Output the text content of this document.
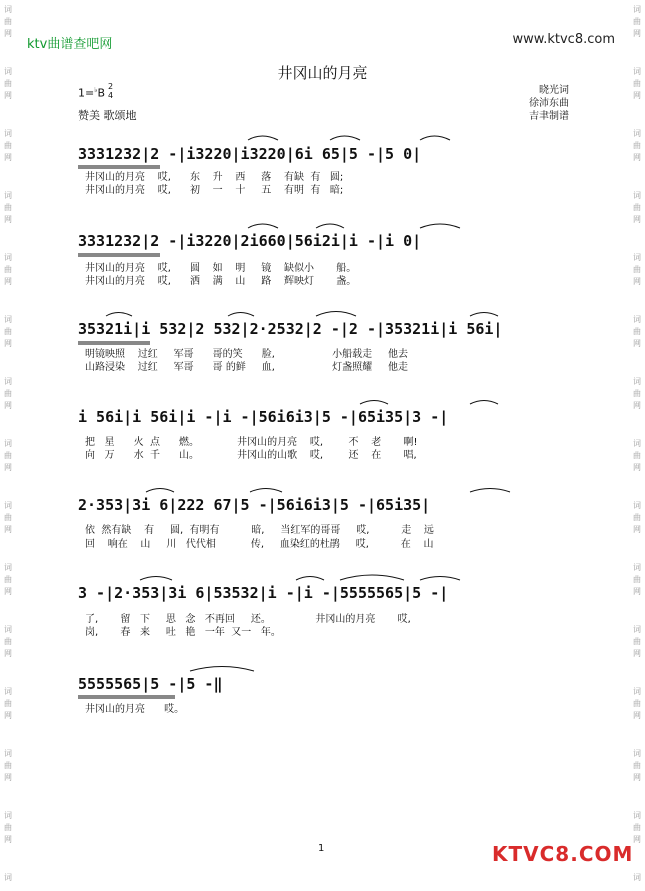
词
曲
网
词
曲
网
词
曲
网
词
曲
网
词
曲
网
词
曲
网
词
曲
网
词
曲
网
词
曲
网
词
曲
网
词
曲
网
词
曲
网
词
曲
网
词
曲
网
词
词
曲
网
词
曲
网
词
曲
网
词
曲
网
词
曲
网
词
曲
网
词
曲
网
词
曲
网
词
曲
网
词
曲
网
词
曲
网
词
曲
网
词
曲
网
词
曲
网
词
ktv曲谱查吧网	www.ktvc8.com
井冈山的月亮
1=♭B
2
4
赞美 歌颂地
晓光词
徐沛东曲
吉聿制谱
3331232|2 -|i3220|i3220|6i 65|5 -|5 0|
井冈山的月亮    哎,      东    升    西     落    有缺  有   圆;
井冈山的月亮    哎,      初    一    十     五    有明  有   暗;
3331232|2 -|i3220|2i660|56i2i|i -|i 0|
井冈山的月亮    哎,      圆    如    明     镜    缺似小       船。
井冈山的月亮    哎,      洒    满    山     路    辉映灯       盏。
35321i|i 532|2 532|2·2532|2 -|2 -|35321i|i 56i|
明镜映照    过红     军哥      哥的笑      脸,                  小船载走     他去
山路浸染    过红     军哥      哥 的鲜     血,                  灯盏照耀     他走
i 56i|i 56i|i -|i -|56i6i3|5 -|65i35|3 -|
把   星      火  点      燃。            井冈山的月亮    哎,        不    老       啊!
向   万      水  千      山。            井冈山的山歌    哎,        还    在       唱,
2·353|3i 6|222 67|5 -|56i6i3|5 -|65i35|
依  然有缺    有     圆,  有明有          暗,     当红军的哥哥     哎,          走    远
回    响在    山     川   代代相           传,     血染红的杜鹃     哎,          在    山
3 -|2·353|3i 6|53532|i -|i -|5555565|5 -|
了,       留   下     思   念   不再回     还。              井冈山的月亮       哎,
岗,       春   来     吐   艳   一年  又一   年。
5555565|5 -|5 -‖
井冈山的月亮      哎。
1	KTVC8.COM
